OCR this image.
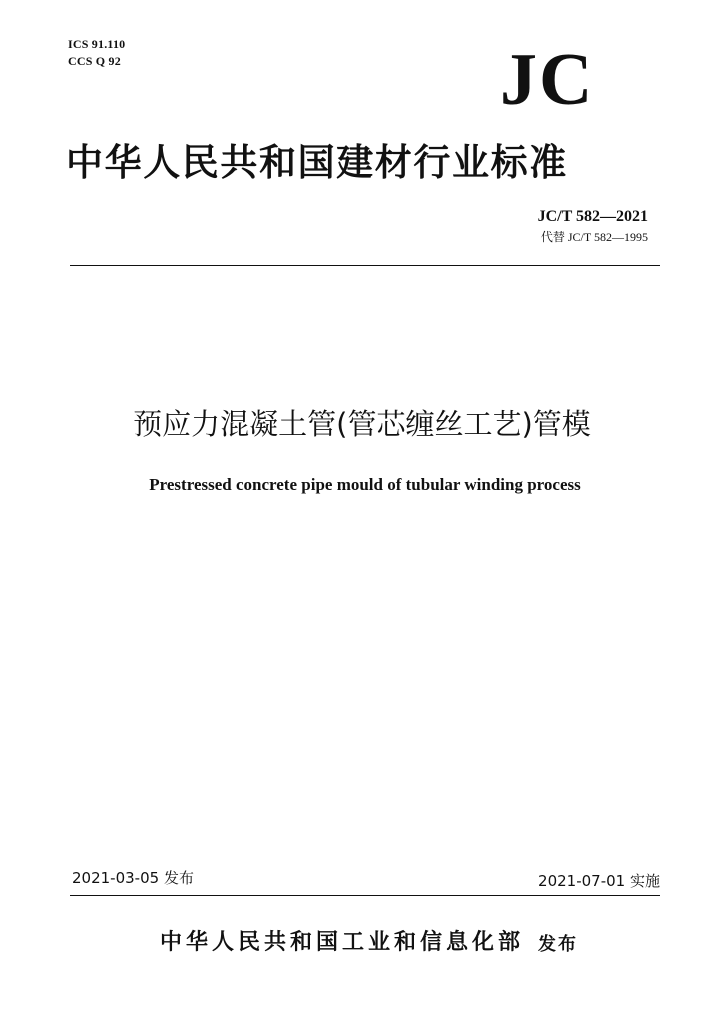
ICS 91.110
CCS Q 92	JC
中华人民共和国建材行业标准
JC/T 582—2021
代替 JC/T 582—1995
预应力混凝土管(管芯缠丝工艺)管模
Prestressed concrete pipe mould of tubular winding process
2021-03-05 发布	2021-07-01 实施
中华人民共和国工业和信息化部 发布
